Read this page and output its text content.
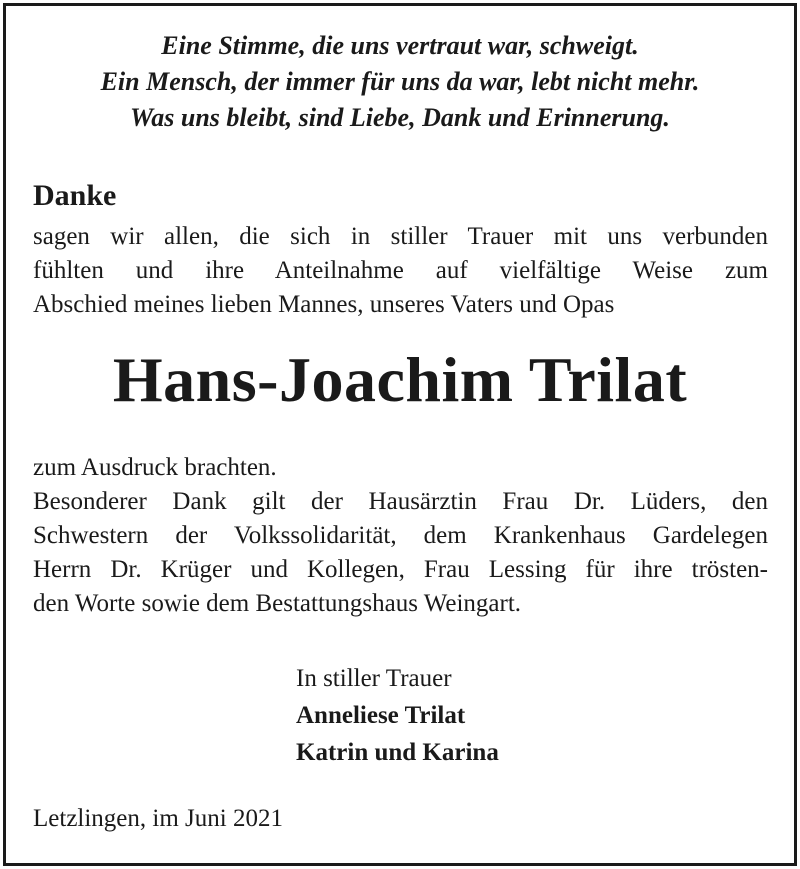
Eine Stimme, die uns vertraut war, schweigt.
Ein Mensch, der immer für uns da war, lebt nicht mehr.
Was uns bleibt, sind Liebe, Dank und Erinnerung.
Danke
sagen wir allen, die sich in stiller Trauer mit uns verbunden
fühlten und ihre Anteilnahme auf vielfältige Weise zum
Abschied meines lieben Mannes, unseres Vaters und Opas
Hans-Joachim Trilat
zum Ausdruck brachten.
Besonderer Dank gilt der Hausärztin Frau Dr. Lüders, den
Schwestern der Volkssolidarität, dem Krankenhaus Gardelegen
Herrn Dr. Krüger und Kollegen, Frau Lessing für ihre trösten-
den Worte sowie dem Bestattungshaus Weingart.
In stiller Trauer
Anneliese Trilat
Katrin und Karina
Letzlingen, im Juni 2021
